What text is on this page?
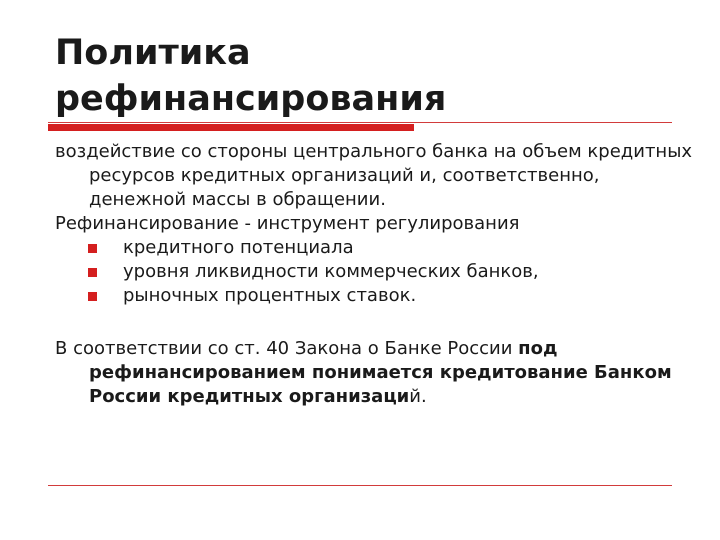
Политика
рефинансирования

воздействие со стороны центрального банка на объем кредитных ресурсов кредитных организаций и, соответственно, денежной массы в обращении.

Рефинансирование - инструмент регулирования

кредитного потенциала
уровня ликвидности коммерческих банков,
рыночных процентных ставок.

В соответствии со ст. 40 Закона о Банке России под рефинансированием понимается кредитование Банком России кредитных организаций.
